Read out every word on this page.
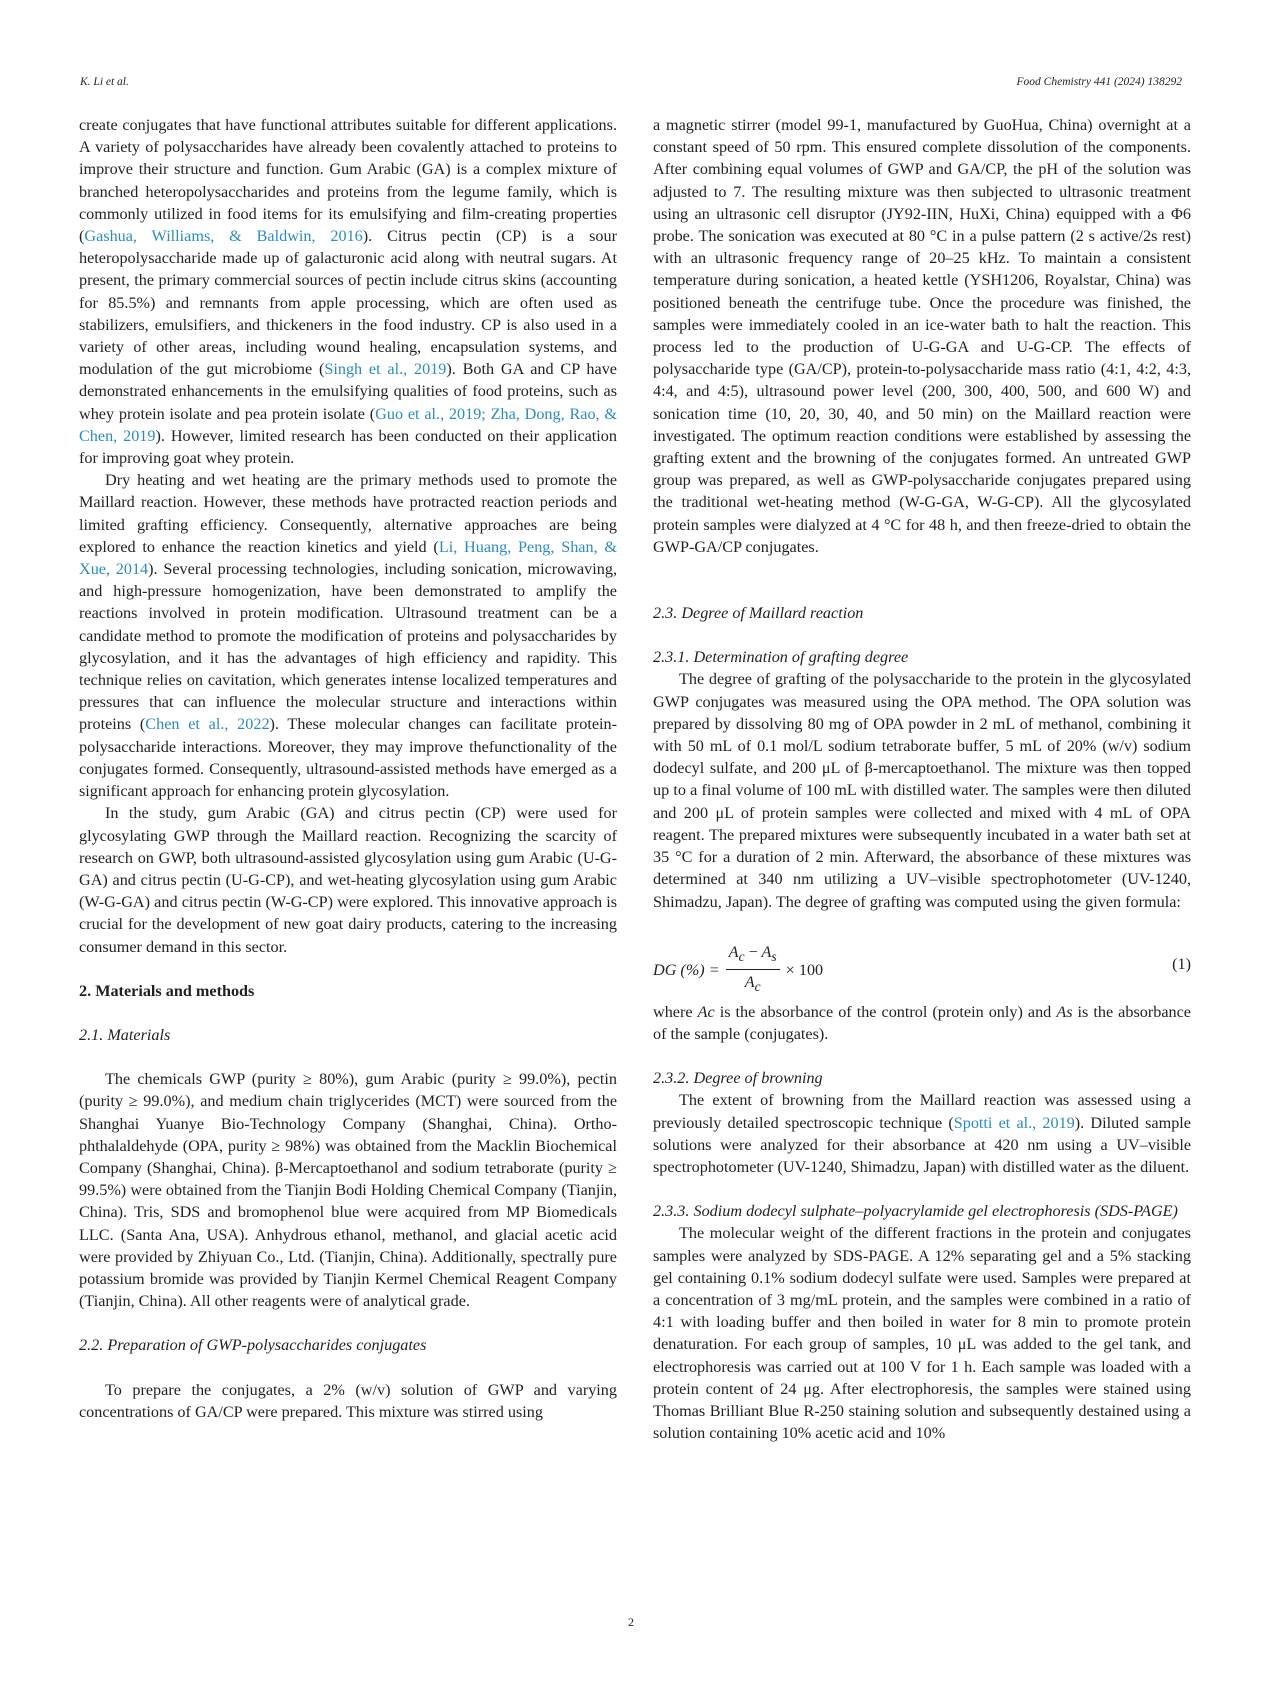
K. Li et al.	Food Chemistry 441 (2024) 138292

create conjugates that have functional attributes suitable for different applications. A variety of polysaccharides have already been covalently attached to proteins to improve their structure and function. Gum Arabic (GA) is a complex mixture of branched heteropolysaccharides and proteins from the legume family, which is commonly utilized in food items for its emulsifying and film-creating properties (Gashua, Williams, & Baldwin, 2016). Citrus pectin (CP) is a sour heteropolysaccharide made up of galacturonic acid along with neutral sugars. At present, the primary commercial sources of pectin include citrus skins (accounting for 85.5%) and remnants from apple processing, which are often used as stabilizers, emulsifiers, and thickeners in the food industry. CP is also used in a variety of other areas, including wound healing, encapsulation systems, and modulation of the gut microbiome (Singh et al., 2019). Both GA and CP have demonstrated enhancements in the emulsifying qualities of food proteins, such as whey protein isolate and pea protein isolate (Guo et al., 2019; Zha, Dong, Rao, & Chen, 2019). However, limited research has been conducted on their application for improving goat whey protein.

Dry heating and wet heating are the primary methods used to promote the Maillard reaction. However, these methods have protracted reaction periods and limited grafting efficiency. Consequently, alternative approaches are being explored to enhance the reaction kinetics and yield (Li, Huang, Peng, Shan, & Xue, 2014). Several processing technologies, including sonication, microwaving, and high-pressure homogenization, have been demonstrated to amplify the reactions involved in protein modification. Ultrasound treatment can be a candidate method to promote the modification of proteins and polysaccharides by glycosylation, and it has the advantages of high efficiency and rapidity. This technique relies on cavitation, which generates intense localized temperatures and pressures that can influence the molecular structure and interactions within proteins (Chen et al., 2022). These molecular changes can facilitate protein-polysaccharide interactions. Moreover, they may improve thefunctionality of the conjugates formed. Consequently, ultrasound-assisted methods have emerged as a significant approach for enhancing protein glycosylation.

In the study, gum Arabic (GA) and citrus pectin (CP) were used for glycosylating GWP through the Maillard reaction. Recognizing the scarcity of research on GWP, both ultrasound-assisted glycosylation using gum Arabic (U-G-GA) and citrus pectin (U-G-CP), and wet-heating glycosylation using gum Arabic (W-G-GA) and citrus pectin (W-G-CP) were explored. This innovative approach is crucial for the development of new goat dairy products, catering to the increasing consumer demand in this sector.

2. Materials and methods
2.1. Materials

The chemicals GWP (purity ≥ 80%), gum Arabic (purity ≥ 99.0%), pectin (purity ≥ 99.0%), and medium chain triglycerides (MCT) were sourced from the Shanghai Yuanye Bio-Technology Company (Shanghai, China). Ortho-phthalaldehyde (OPA, purity ≥ 98%) was obtained from the Macklin Biochemical Company (Shanghai, China). β-Mercaptoethanol and sodium tetraborate (purity ≥ 99.5%) were obtained from the Tianjin Bodi Holding Chemical Company (Tianjin, China). Tris, SDS and bromophenol blue were acquired from MP Biomedicals LLC. (Santa Ana, USA). Anhydrous ethanol, methanol, and glacial acetic acid were provided by Zhiyuan Co., Ltd. (Tianjin, China). Additionally, spectrally pure potassium bromide was provided by Tianjin Kermel Chemical Reagent Company (Tianjin, China). All other reagents were of analytical grade.

2.2. Preparation of GWP-polysaccharides conjugates

To prepare the conjugates, a 2% (w/v) solution of GWP and varying concentrations of GA/CP were prepared. This mixture was stirred using

a magnetic stirrer (model 99-1, manufactured by GuoHua, China) overnight at a constant speed of 50 rpm. This ensured complete dissolution of the components. After combining equal volumes of GWP and GA/CP, the pH of the solution was adjusted to 7. The resulting mixture was then subjected to ultrasonic treatment using an ultrasonic cell disruptor (JY92-IIN, HuXi, China) equipped with a Φ6 probe. The sonication was executed at 80 °C in a pulse pattern (2 s active/2s rest) with an ultrasonic frequency range of 20–25 kHz. To maintain a consistent temperature during sonication, a heated kettle (YSH1206, Royalstar, China) was positioned beneath the centrifuge tube. Once the procedure was finished, the samples were immediately cooled in an ice-water bath to halt the reaction. This process led to the production of U-G-GA and U-G-CP. The effects of polysaccharide type (GA/CP), protein-to-polysaccharide mass ratio (4:1, 4:2, 4:3, 4:4, and 4:5), ultrasound power level (200, 300, 400, 500, and 600 W) and sonication time (10, 20, 30, 40, and 50 min) on the Maillard reaction were investigated. The optimum reaction conditions were established by assessing the grafting extent and the browning of the conjugates formed. An untreated GWP group was prepared, as well as GWP-polysaccharide conjugates prepared using the traditional wet-heating method (W-G-GA, W-G-CP). All the glycosylated protein samples were dialyzed at 4 °C for 48 h, and then freeze-dried to obtain the GWP-GA/CP conjugates.

2.3. Degree of Maillard reaction
2.3.1. Determination of grafting degree

The degree of grafting of the polysaccharide to the protein in the glycosylated GWP conjugates was measured using the OPA method. The OPA solution was prepared by dissolving 80 mg of OPA powder in 2 mL of methanol, combining it with 50 mL of 0.1 mol/L sodium tetraborate buffer, 5 mL of 20% (w/v) sodium dodecyl sulfate, and 200 μL of β-mercaptoethanol. The mixture was then topped up to a final volume of 100 mL with distilled water. The samples were then diluted and 200 μL of protein samples were collected and mixed with 4 mL of OPA reagent. The prepared mixtures were subsequently incubated in a water bath set at 35 °C for a duration of 2 min. Afterward, the absorbance of these mixtures was determined at 340 nm utilizing a UV–visible spectrophotometer (UV-1240, Shimadzu, Japan). The degree of grafting was computed using the given formula:

DG (%) = $\frac{A_c - A_s}{A_c} \times 100$	(1)

where Ac is the absorbance of the control (protein only) and As is the absorbance of the sample (conjugates).

2.3.2. Degree of browning

The extent of browning from the Maillard reaction was assessed using a previously detailed spectroscopic technique (Spotti et al., 2019). Diluted sample solutions were analyzed for their absorbance at 420 nm using a UV–visible spectrophotometer (UV-1240, Shimadzu, Japan) with distilled water as the diluent.

2.3.3. Sodium dodecyl sulphate–polyacrylamide gel electrophoresis (SDS-PAGE)

The molecular weight of the different fractions in the protein and conjugates samples were analyzed by SDS-PAGE. A 12% separating gel and a 5% stacking gel containing 0.1% sodium dodecyl sulfate were used. Samples were prepared at a concentration of 3 mg/mL protein, and the samples were combined in a ratio of 4:1 with loading buffer and then boiled in water for 8 min to promote protein denaturation. For each group of samples, 10 μL was added to the gel tank, and electrophoresis was carried out at 100 V for 1 h. Each sample was loaded with a protein content of 24 μg. After electrophoresis, the samples were stained using Thomas Brilliant Blue R-250 staining solution and subsequently destained using a solution containing 10% acetic acid and 10%

2
